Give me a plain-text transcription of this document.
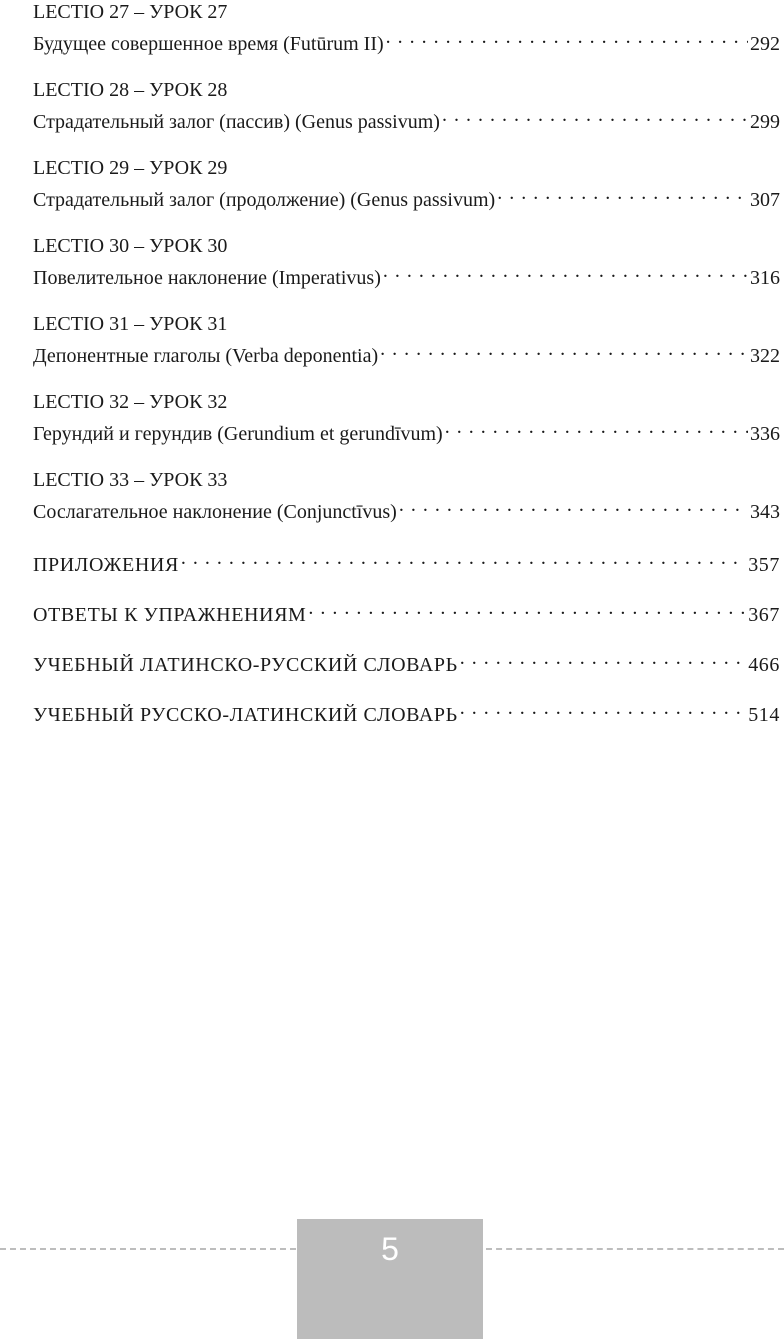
LECTIO 27 – УРОК 27
Будущее совершенное время (Futūrum II) . . .	292
LECTIO 28 – УРОК 28
Страдательный залог (пассив) (Genus passivum) . . .	299
LECTIO 29 – УРОК 29
Страдательный залог (продолжение) (Genus passivum) . . .	307
LECTIO 30 – УРОК 30
Повелительное наклонение (Imperativus) . . .	316
LECTIO 31 – УРОК 31
Депонентные глаголы (Verba deponentia) . . .	322
LECTIO 32 – УРОК 32
Герундий и герундив (Gerundium et gerundīvum) . . .	336
LECTIO 33 – УРОК 33
Сослагательное наклонение (Conjunctīvus) . . .	343
ПРИЛОЖЕНИЯ . . .	357
ОТВЕТЫ К УПРАЖНЕНИЯМ . . .	367
УЧЕБНЫЙ ЛАТИНСКО-РУССКИЙ СЛОВАРЬ . . .	466
УЧЕБНЫЙ РУССКО-ЛАТИНСКИЙ СЛОВАРЬ . . .	514
5
